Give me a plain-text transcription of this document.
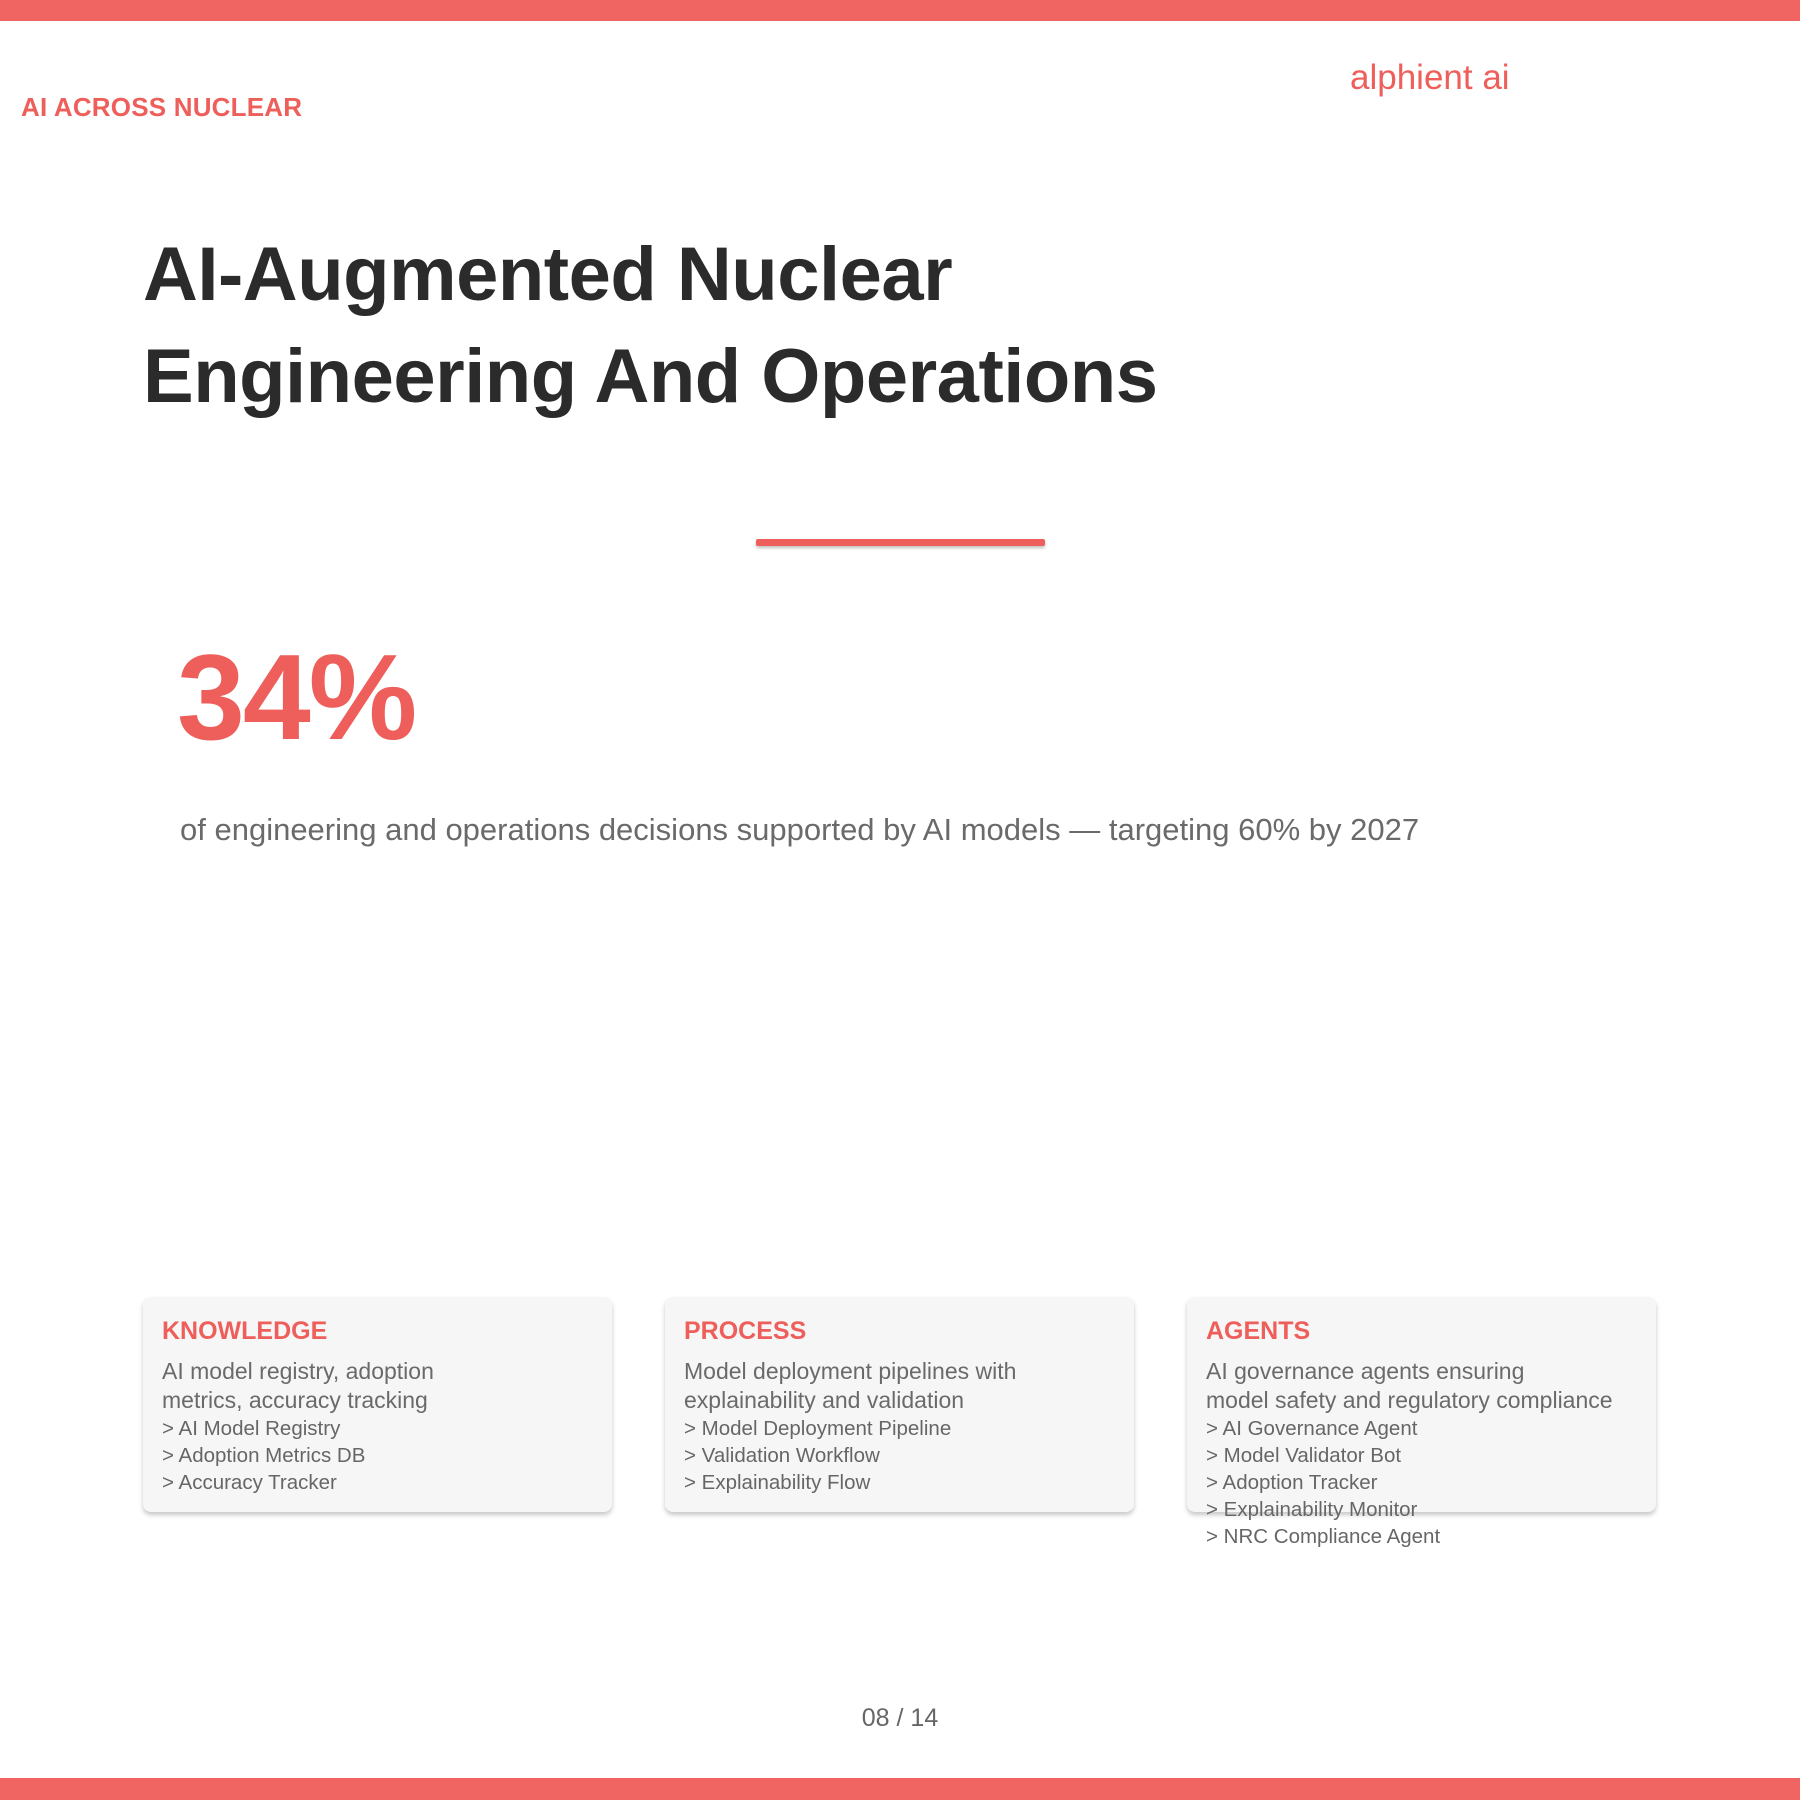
AI ACROSS NUCLEAR
alphient ai
AI-Augmented Nuclear
Engineering And Operations
34%
of engineering and operations decisions supported by AI models — targeting 60% by 2027
KNOWLEDGE
AI model registry, adoption
metrics, accuracy tracking
> AI Model Registry
> Adoption Metrics DB
> Accuracy Tracker
PROCESS
Model deployment pipelines with
explainability and validation
> Model Deployment Pipeline
> Validation Workflow
> Explainability Flow
AGENTS
AI governance agents ensuring
model safety and regulatory compliance
> AI Governance Agent
> Model Validator Bot
> Adoption Tracker
> Explainability Monitor
> NRC Compliance Agent
08 / 14
